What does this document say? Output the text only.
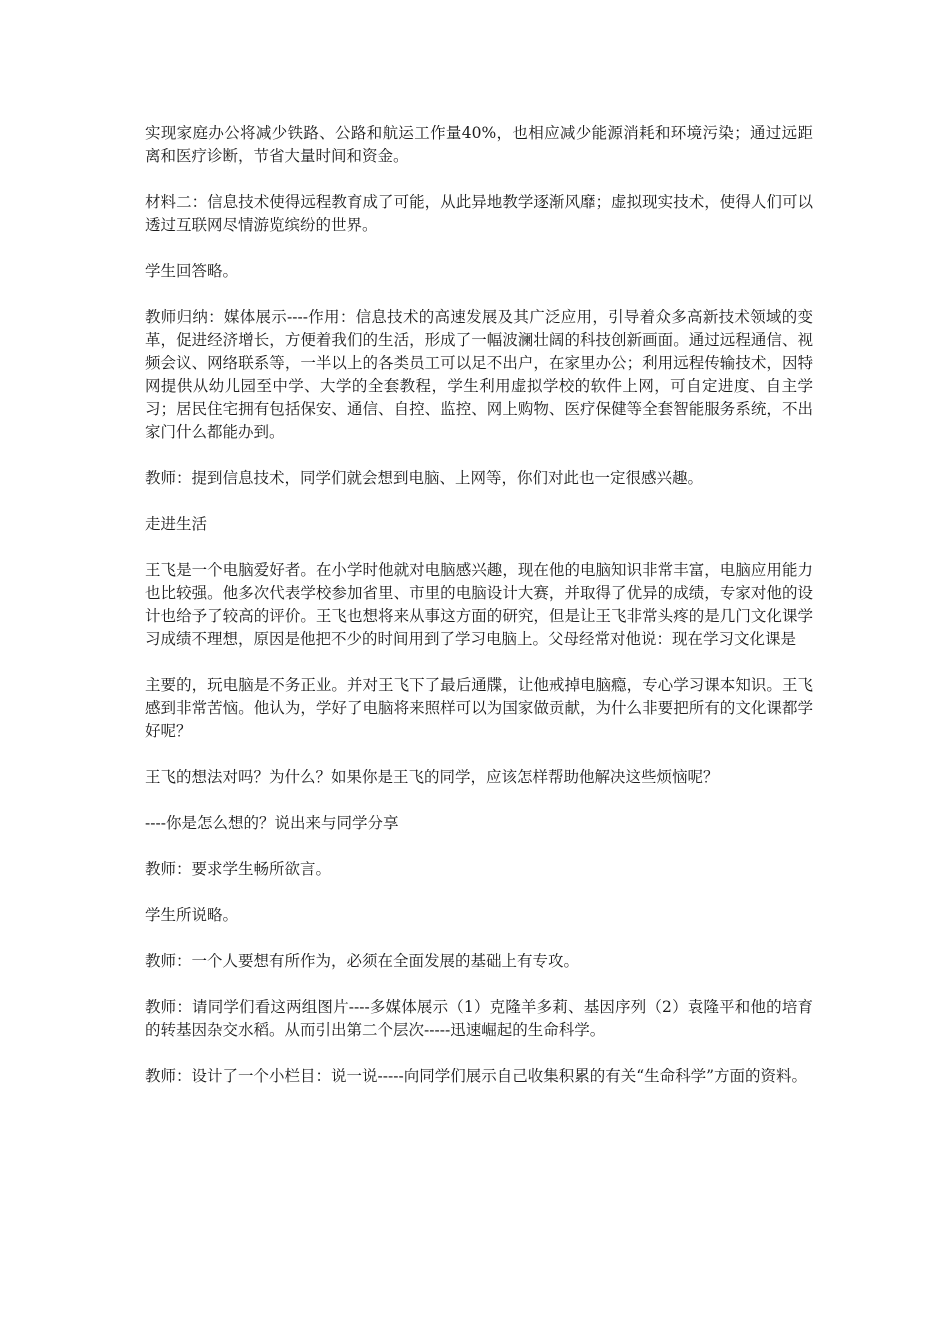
实现家庭办公将减少铁路、公路和航运工作量40%，也相应减少能源消耗和环境污染；通过远距离和医疗诊断，节省大量时间和资金。

材料二：信息技术使得远程教育成了可能，从此异地教学逐渐风靡；虚拟现实技术，使得人们可以透过互联网尽情游览缤纷的世界。

学生回答略。

教师归纳：媒体展示----作用：信息技术的高速发展及其广泛应用，引导着众多高新技术领域的变革，促进经济增长，方便着我们的生活，形成了一幅波澜壮阔的科技创新画面。通过远程通信、视频会议、网络联系等，一半以上的各类员工可以足不出户，在家里办公；利用远程传输技术，因特网提供从幼儿园至中学、大学的全套教程，学生利用虚拟学校的软件上网，可自定进度、自主学习；居民住宅拥有包括保安、通信、自控、监控、网上购物、医疗保健等全套智能服务系统，不出家门什么都能办到。

教师：提到信息技术，同学们就会想到电脑、上网等，你们对此也一定很感兴趣。

走进生活

王飞是一个电脑爱好者。在小学时他就对电脑感兴趣，现在他的电脑知识非常丰富，电脑应用能力也比较强。他多次代表学校参加省里、市里的电脑设计大赛，并取得了优异的成绩，专家对他的设计也给予了较高的评价。王飞也想将来从事这方面的研究，但是让王飞非常头疼的是几门文化课学习成绩不理想，原因是他把不少的时间用到了学习电脑上。父母经常对他说：现在学习文化课是

主要的，玩电脑是不务正业。并对王飞下了最后通牒，让他戒掉电脑瘾，专心学习课本知识。王飞感到非常苦恼。他认为，学好了电脑将来照样可以为国家做贡献，为什么非要把所有的文化课都学好呢？

王飞的想法对吗？为什么？如果你是王飞的同学，应该怎样帮助他解决这些烦恼呢？

----你是怎么想的？说出来与同学分享

教师：要求学生畅所欲言。

学生所说略。

教师：一个人要想有所作为，必须在全面发展的基础上有专攻。

教师：请同学们看这两组图片----多媒体展示（1）克隆羊多莉、基因序列（2）袁隆平和他的培育的转基因杂交水稻。从而引出第二个层次-----迅速崛起的生命科学。

教师：设计了一个小栏目：说一说-----向同学们展示自己收集积累的有关“生命科学”方面的资料。
